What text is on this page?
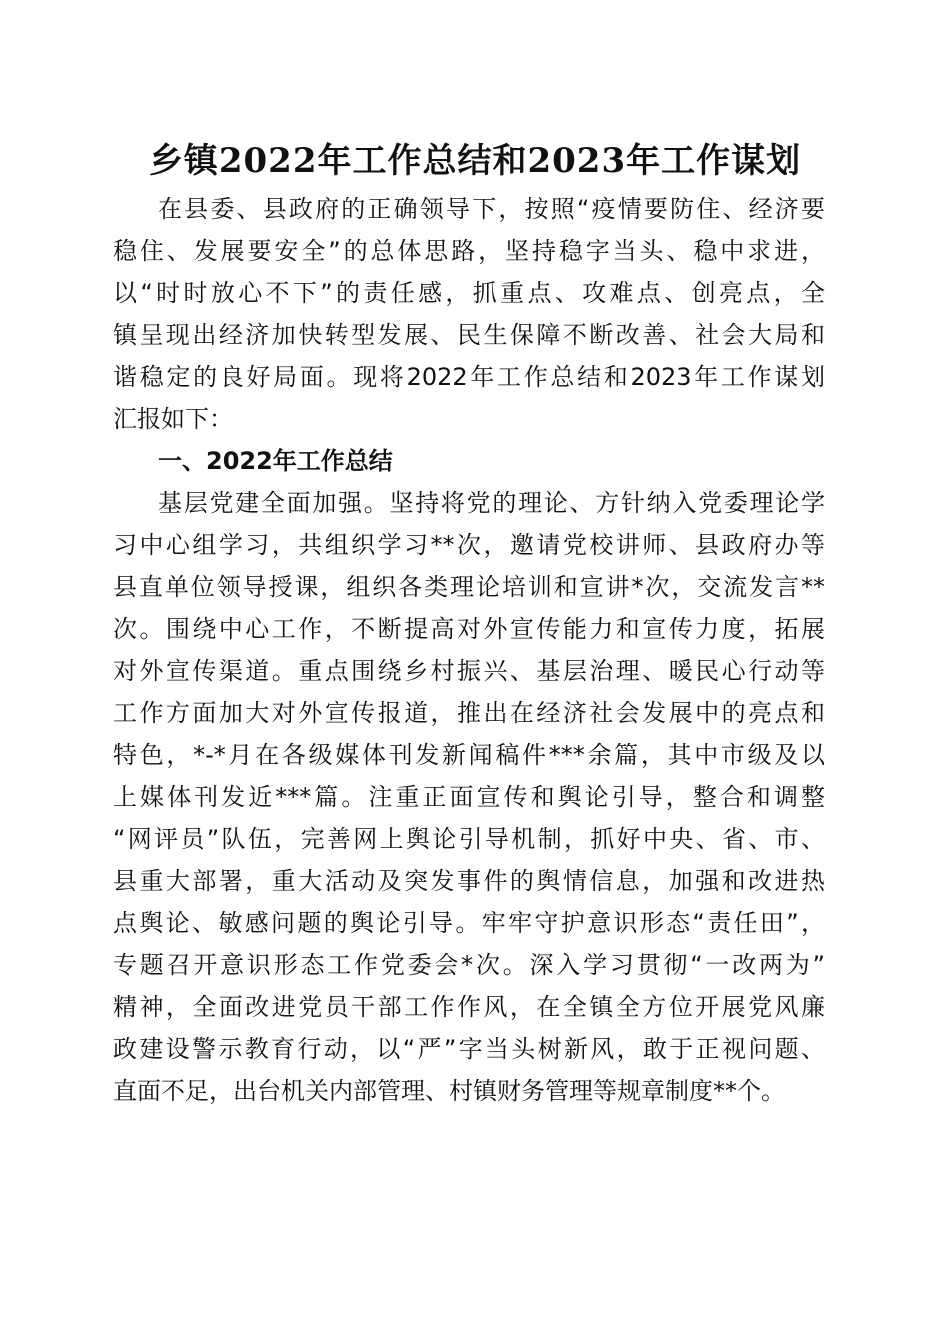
乡镇2022年工作总结和2023年工作谋划
在县委、县政府的正确领导下，按照“疫情要防住、经济要
稳住、发展要安全”的总体思路，坚持稳字当头、稳中求进，
以“时时放心不下”的责任感，抓重点、攻难点、创亮点，全
镇呈现出经济加快转型发展、民生保障不断改善、社会大局和
谐稳定的良好局面。现将2022年工作总结和2023年工作谋划
汇报如下：
一、2022年工作总结
基层党建全面加强。坚持将党的理论、方针纳入党委理论学
习中心组学习，共组织学习**次，邀请党校讲师、县政府办等
县直单位领导授课，组织各类理论培训和宣讲*次，交流发言**
次。围绕中心工作，不断提高对外宣传能力和宣传力度，拓展
对外宣传渠道。重点围绕乡村振兴、基层治理、暖民心行动等
工作方面加大对外宣传报道，推出在经济社会发展中的亮点和
特色，*-*月在各级媒体刊发新闻稿件***余篇，其中市级及以
上媒体刊发近***篇。注重正面宣传和舆论引导，整合和调整
“网评员”队伍，完善网上舆论引导机制，抓好中央、省、市、
县重大部署，重大活动及突发事件的舆情信息，加强和改进热
点舆论、敏感问题的舆论引导。牢牢守护意识形态“责任田”，
专题召开意识形态工作党委会*次。深入学习贯彻“一改两为”
精神，全面改进党员干部工作作风，在全镇全方位开展党风廉
政建设警示教育行动，以“严”字当头树新风，敢于正视问题、
直面不足，出台机关内部管理、村镇财务管理等规章制度**个。
